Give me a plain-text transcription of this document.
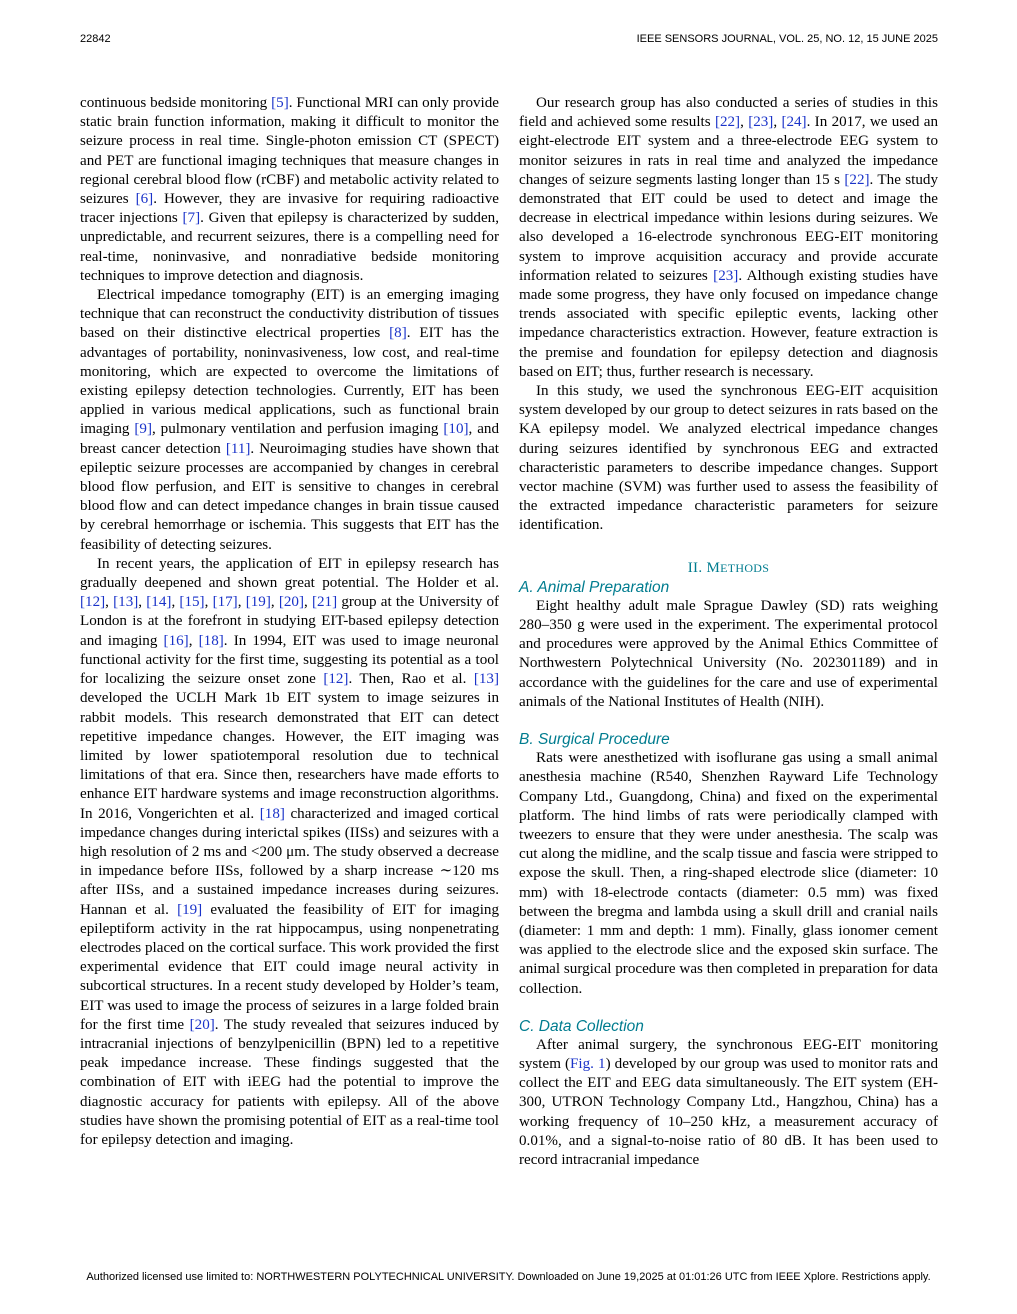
22842	IEEE SENSORS JOURNAL, VOL. 25, NO. 12, 15 JUNE 2025

continuous bedside monitoring [5]. Functional MRI can only provide static brain function information, making it difficult to monitor the seizure process in real time. Single-photon emission CT (SPECT) and PET are functional imaging techniques that measure changes in regional cerebral blood flow (rCBF) and metabolic activity related to seizures [6]. However, they are invasive for requiring radioactive tracer injections [7]. Given that epilepsy is characterized by sudden, unpredictable, and recurrent seizures, there is a compelling need for real-time, noninvasive, and nonradiative bedside monitoring techniques to improve detection and diagnosis.

Electrical impedance tomography (EIT) is an emerging imaging technique that can reconstruct the conductivity distribution of tissues based on their distinctive electrical properties [8]. EIT has the advantages of portability, noninvasiveness, low cost, and real-time monitoring, which are expected to overcome the limitations of existing epilepsy detection technologies. Currently, EIT has been applied in various medical applications, such as functional brain imaging [9], pulmonary ventilation and perfusion imaging [10], and breast cancer detection [11]. Neuroimaging studies have shown that epileptic seizure processes are accompanied by changes in cerebral blood flow perfusion, and EIT is sensitive to changes in cerebral blood flow and can detect impedance changes in brain tissue caused by cerebral hemorrhage or ischemia. This suggests that EIT has the feasibility of detecting seizures.

In recent years, the application of EIT in epilepsy research has gradually deepened and shown great potential. The Holder et al. [12], [13], [14], [15], [17], [19], [20], [21] group at the University of London is at the forefront in studying EIT-based epilepsy detection and imaging [16], [18]. In 1994, EIT was used to image neuronal functional activity for the first time, suggesting its potential as a tool for localizing the seizure onset zone [12]. Then, Rao et al. [13] developed the UCLH Mark 1b EIT system to image seizures in rabbit models. This research demonstrated that EIT can detect repetitive impedance changes. However, the EIT imaging was limited by lower spatiotemporal resolution due to technical limitations of that era. Since then, researchers have made efforts to enhance EIT hardware systems and image reconstruction algorithms. In 2016, Vongerichten et al. [18] characterized and imaged cortical impedance changes during interictal spikes (IISs) and seizures with a high resolution of 2 ms and <200 μm. The study observed a decrease in impedance before IISs, followed by a sharp increase ∼120 ms after IISs, and a sustained impedance increases during seizures. Hannan et al. [19] evaluated the feasibility of EIT for imaging epileptiform activity in the rat hippocampus, using nonpenetrating electrodes placed on the cortical surface. This work provided the first experimental evidence that EIT could image neural activity in subcortical structures. In a recent study developed by Holder’s team, EIT was used to image the process of seizures in a large folded brain for the first time [20]. The study revealed that seizures induced by intracranial injections of benzylpenicillin (BPN) led to a repetitive peak impedance increase. These findings suggested that the combination of EIT with iEEG had the potential to improve the diagnostic accuracy for patients with epilepsy. All of the above studies have shown the promising potential of EIT as a real-time tool for epilepsy detection and imaging.

Our research group has also conducted a series of studies in this field and achieved some results [22], [23], [24]. In 2017, we used an eight-electrode EIT system and a three-electrode EEG system to monitor seizures in rats in real time and analyzed the impedance changes of seizure segments lasting longer than 15 s [22]. The study demonstrated that EIT could be used to detect and image the decrease in electrical impedance within lesions during seizures. We also developed a 16-electrode synchronous EEG-EIT monitoring system to improve acquisition accuracy and provide accurate information related to seizures [23]. Although existing studies have made some progress, they have only focused on impedance change trends associated with specific epileptic events, lacking other impedance characteristics extraction. However, feature extraction is the premise and foundation for epilepsy detection and diagnosis based on EIT; thus, further research is necessary.

In this study, we used the synchronous EEG-EIT acquisition system developed by our group to detect seizures in rats based on the KA epilepsy model. We analyzed electrical impedance changes during seizures identified by synchronous EEG and extracted characteristic parameters to describe impedance changes. Support vector machine (SVM) was further used to assess the feasibility of the extracted impedance characteristic parameters for seizure identification.

II. METHODS
A. Animal Preparation

Eight healthy adult male Sprague Dawley (SD) rats weighing 280–350 g were used in the experiment. The experimental protocol and procedures were approved by the Animal Ethics Committee of Northwestern Polytechnical University (No. 202301189) and in accordance with the guidelines for the care and use of experimental animals of the National Institutes of Health (NIH).

B. Surgical Procedure

Rats were anesthetized with isoflurane gas using a small animal anesthesia machine (R540, Shenzhen Rayward Life Technology Company Ltd., Guangdong, China) and fixed on the experimental platform. The hind limbs of rats were periodically clamped with tweezers to ensure that they were under anesthesia. The scalp was cut along the midline, and the scalp tissue and fascia were stripped to expose the skull. Then, a ring-shaped electrode slice (diameter: 10 mm) with 18-electrode contacts (diameter: 0.5 mm) was fixed between the bregma and lambda using a skull drill and cranial nails (diameter: 1 mm and depth: 1 mm). Finally, glass ionomer cement was applied to the electrode slice and the exposed skin surface. The animal surgical procedure was then completed in preparation for data collection.

C. Data Collection

After animal surgery, the synchronous EEG-EIT monitoring system (Fig. 1) developed by our group was used to monitor rats and collect the EIT and EEG data simultaneously. The EIT system (EH-300, UTRON Technology Company Ltd., Hangzhou, China) has a working frequency of 10–250 kHz, a measurement accuracy of 0.01%, and a signal-to-noise ratio of 80 dB. It has been used to record intracranial impedance

Authorized licensed use limited to: NORTHWESTERN POLYTECHNICAL UNIVERSITY. Downloaded on June 19,2025 at 01:01:26 UTC from IEEE Xplore. Restrictions apply.
